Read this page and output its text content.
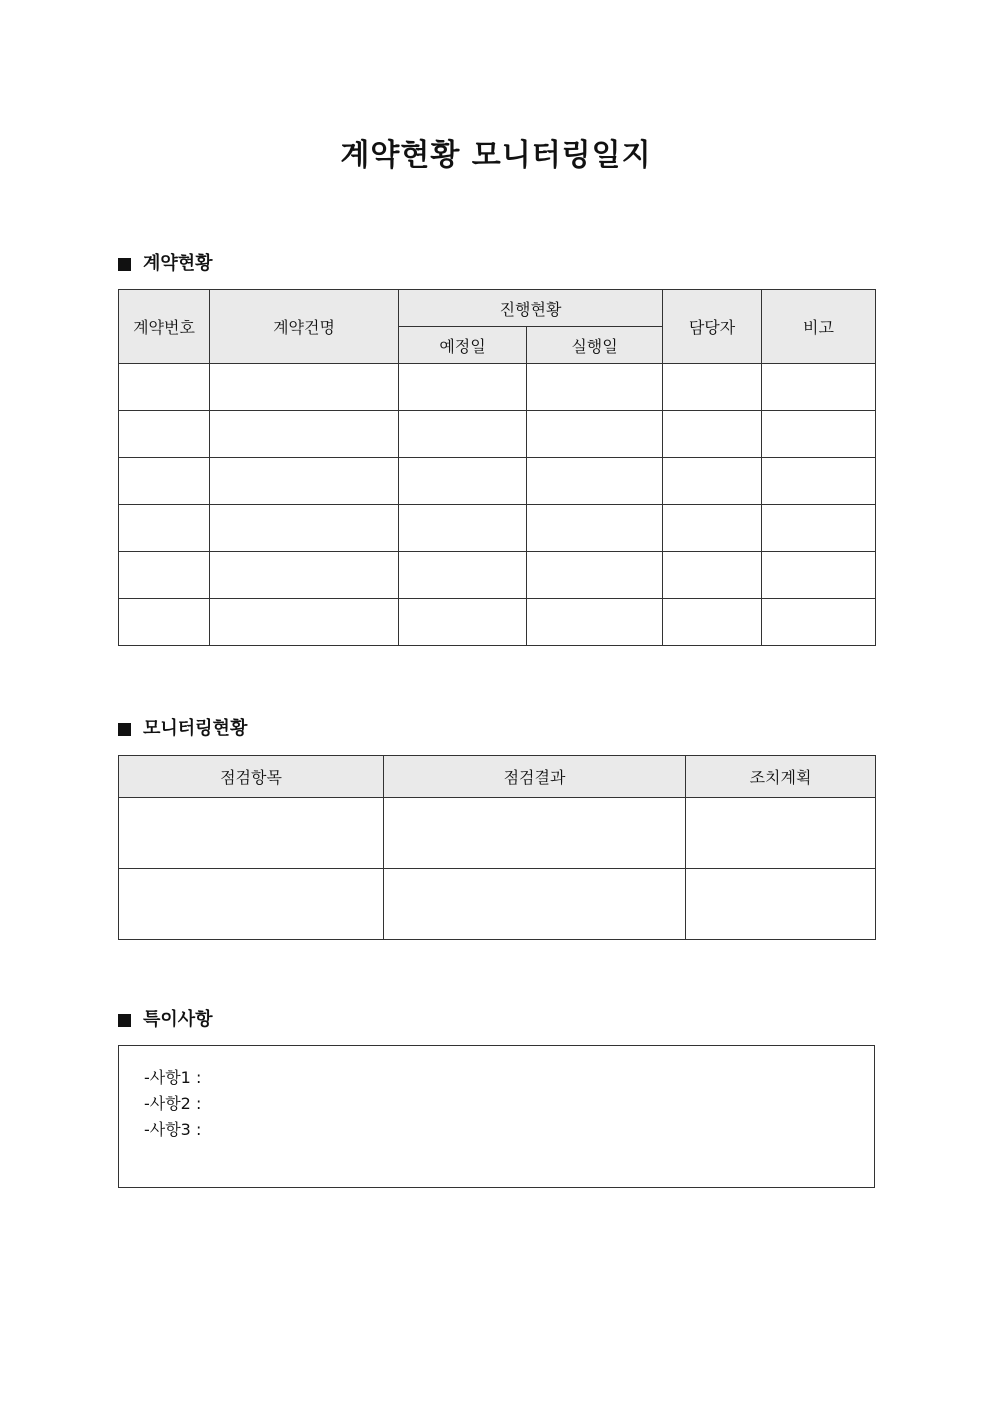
계약현황 모니터링일지
계약현황
계약번호	계약건명	진행현황		담당자	비고
		예정일	실행일		

모니터링현황
점검항목	점검결과	조치계획

특이사항
-사항1 :
-사항2 :
-사항3 :
